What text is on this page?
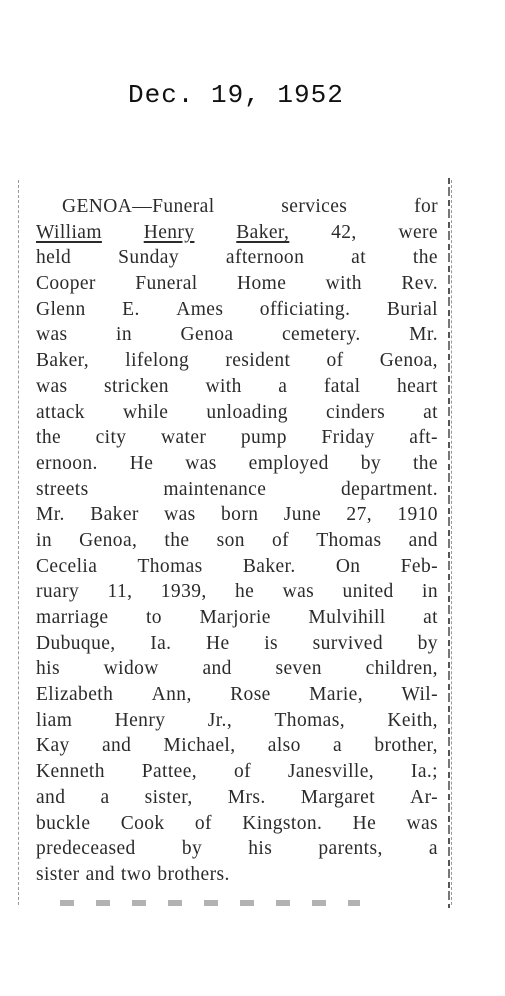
Dec. 19, 1952
GENOA—Funeral	services	for
William Henry Baker, 42, were
held Sunday afternoon at the
Cooper Funeral Home with Rev.
Glenn E. Ames officiating. Burial
was in Genoa cemetery. Mr.
Baker, lifelong resident of Genoa,
was stricken with a fatal heart
attack while unloading cinders at
the city water pump Friday aft-
ernoon. He was employed by the
streets	maintenance	department.
Mr. Baker was born June 27, 1910
in Genoa, the son of Thomas and
Cecelia Thomas Baker. On Feb-
ruary 11, 1939, he was united in
marriage to Marjorie Mulvihill at
Dubuque, Ia. He is survived by
his widow and seven children,
Elizabeth Ann, Rose Marie, Wil-
liam Henry Jr., Thomas, Keith,
Kay and Michael, also a brother,
Kenneth Pattee, of Janesville, Ia.;
and a sister, Mrs. Margaret Ar-
buckle Cook of Kingston. He was
predeceased by his parents, a
sister and two brothers.
